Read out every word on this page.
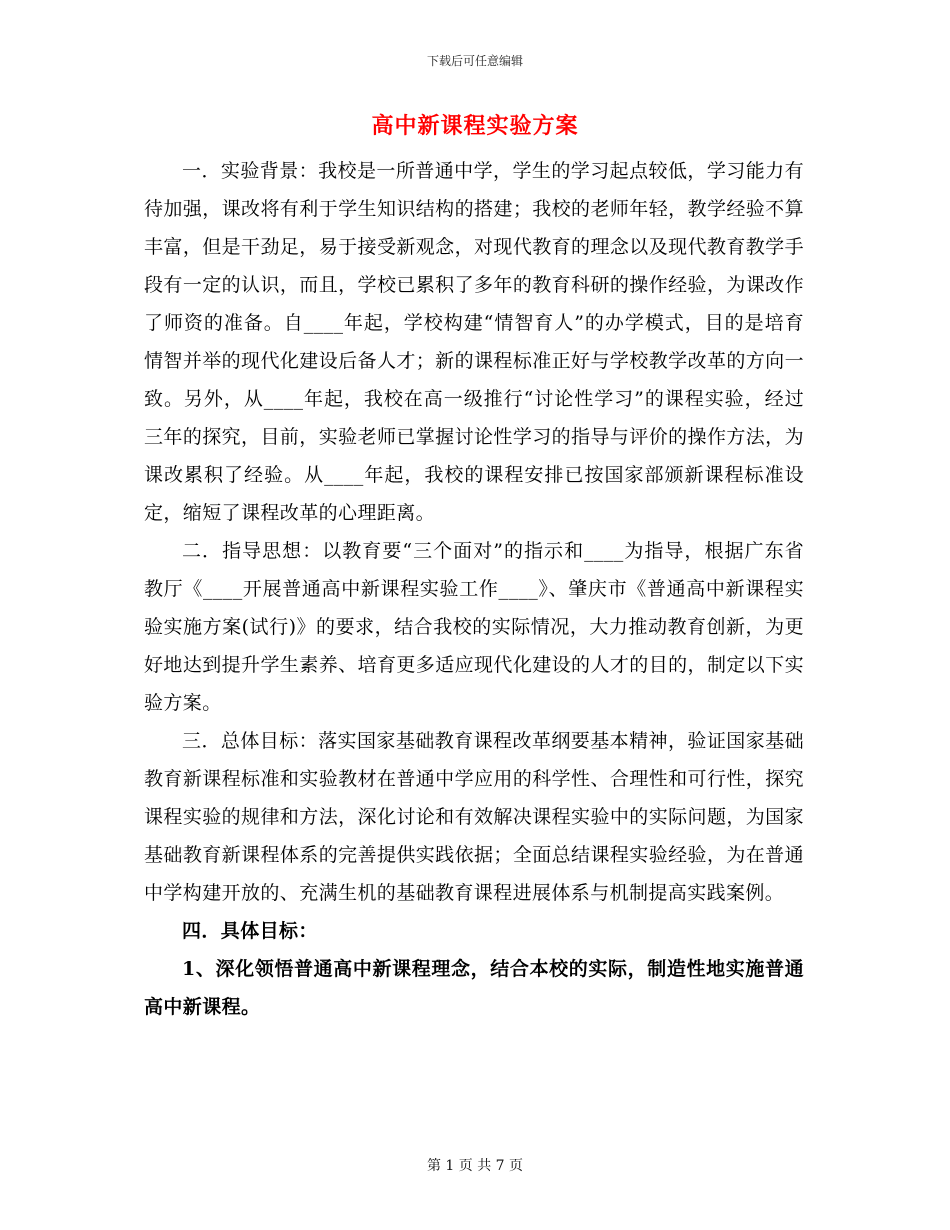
下载后可任意编辑
高中新课程实验方案

一．实验背景：我校是一所普通中学，学生的学习起点较低，学习能力有待加强，课改将有利于学生知识结构的搭建；我校的老师年轻，教学经验不算丰富，但是干劲足，易于接受新观念，对现代教育的理念以及现代教育教学手段有一定的认识，而且，学校已累积了多年的教育科研的操作经验，为课改作了师资的准备。自____年起，学校构建“情智育人”的办学模式，目的是培育情智并举的现代化建设后备人才；新的课程标准正好与学校教学改革的方向一致。另外，从____年起，我校在高一级推行“讨论性学习”的课程实验，经过三年的探究，目前，实验老师已掌握讨论性学习的指导与评价的操作方法，为课改累积了经验。从____年起，我校的课程安排已按国家部颁新课程标准设定，缩短了课程改革的心理距离。

二．指导思想：以教育要“三个面对”的指示和____为指导，根据广东省教厅《____开展普通高中新课程实验工作____》、肇庆市《普通高中新课程实验实施方案(试行)》的要求，结合我校的实际情况，大力推动教育创新，为更好地达到提升学生素养、培育更多适应现代化建设的人才的目的，制定以下实验方案。

三．总体目标：落实国家基础教育课程改革纲要基本精神，验证国家基础教育新课程标准和实验教材在普通中学应用的科学性、合理性和可行性，探究课程实验的规律和方法，深化讨论和有效解决课程实验中的实际问题，为国家基础教育新课程体系的完善提供实践依据；全面总结课程实验经验，为在普通中学构建开放的、充满生机的基础教育课程进展体系与机制提高实践案例。

四．具体目标：

1、深化领悟普通高中新课程理念，结合本校的实际，制造性地实施普通高中新课程。

第 1 页 共 7 页
